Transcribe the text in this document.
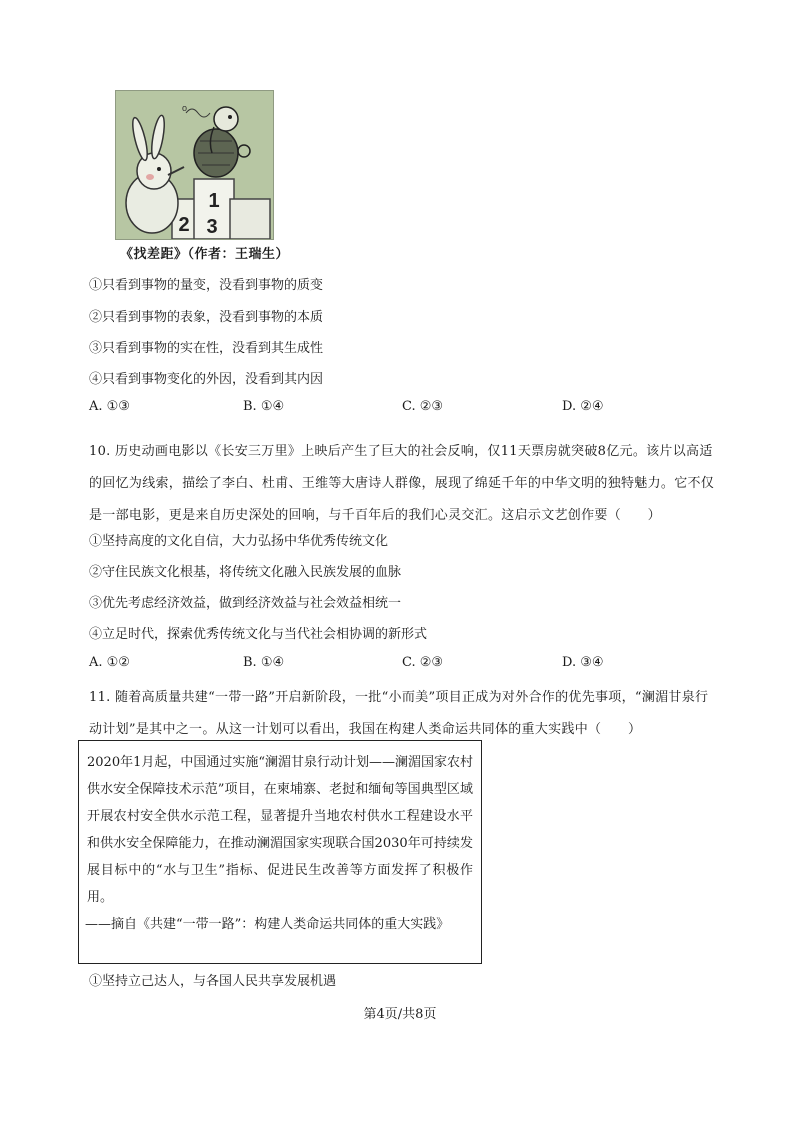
1
2 3
o
《找差距》（作者：王瑞生）
①只看到事物的量变，没看到事物的质变
②只看到事物的表象，没看到事物的本质
③只看到事物的实在性，没看到其生成性
④只看到事物变化的外因，没看到其内因
A. ①③	B. ①④	C. ②③	D. ②④
10. 历史动画电影以《长安三万里》上映后产生了巨大的社会反响，仅11天票房就突破8亿元。该片以高适的回忆为线索，描绘了李白、杜甫、王维等大唐诗人群像，展现了绵延千年的中华文明的独特魅力。它不仅是一部电影，更是来自历史深处的回响，与千百年后的我们心灵交汇。这启示文艺创作要（　　）
①坚持高度的文化自信，大力弘扬中华优秀传统文化
②守住民族文化根基，将传统文化融入民族发展的血脉
③优先考虑经济效益，做到经济效益与社会效益相统一
④立足时代，探索优秀传统文化与当代社会相协调的新形式
A. ①②	B. ①④	C. ②③	D. ③④
11. 随着高质量共建“一带一路”开启新阶段，一批“小而美”项目正成为对外合作的优先事项，“澜湄甘泉行动计划”是其中之一。从这一计划可以看出，我国在构建人类命运共同体的重大实践中（　　）
2020年1月起，中国通过实施“澜湄甘泉行动计划——澜湄国家农村供水安全保障技术示范”项目，在柬埔寨、老挝和缅甸等国典型区域开展农村安全供水示范工程，显著提升当地农村供水工程建设水平和供水安全保障能力，在推动澜湄国家实现联合国2030年可持续发展目标中的“水与卫生”指标、促进民生改善等方面发挥了积极作用。
——摘自《共建“一带一路”：构建人类命运共同体的重大实践》
①坚持立己达人，与各国人民共享发展机遇
第4页/共8页
